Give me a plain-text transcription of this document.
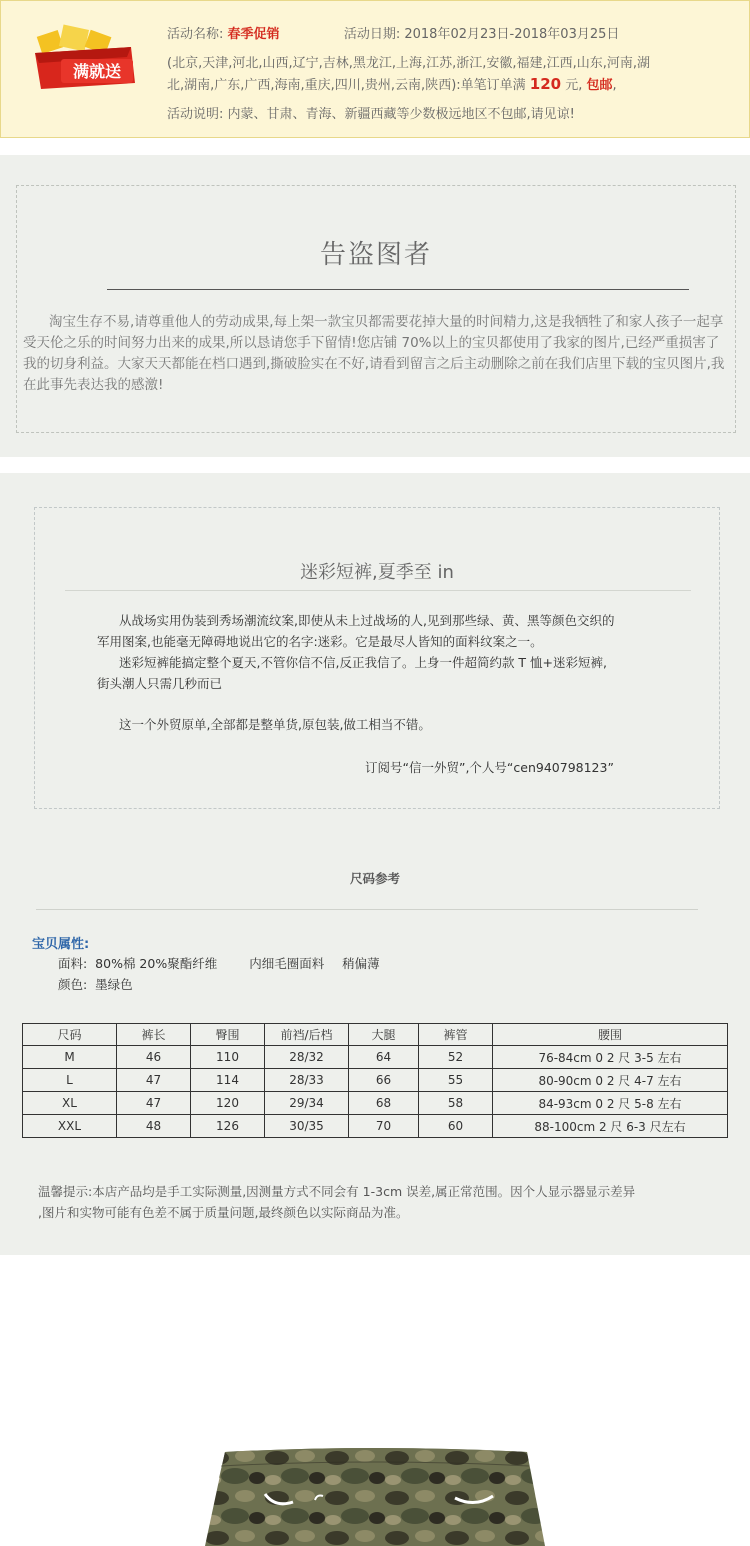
满就送
活动名称: 春季促销	活动日期: 2018年02月23日-2018年03月25日
(北京,天津,河北,山西,辽宁,吉林,黑龙江,上海,江苏,浙江,安徽,福建,江西,山东,河南,湖
北,湖南,广东,广西,海南,重庆,四川,贵州,云南,陕西):单笔订单满 120 元, 包邮,
活动说明: 内蒙、甘肃、青海、新疆西藏等少数极远地区不包邮,请见谅!
告盗图者
淘宝生存不易,请尊重他人的劳动成果,每上架一款宝贝都需要花掉大量的时间精力,这是我牺牲了和家人孩子一起享受天伦之乐的时间努力出来的成果,所以恳请您手下留情!您店铺 70%以上的宝贝都使用了我家的图片,已经严重损害了我的切身利益。大家天天都能在档口遇到,撕破脸实在不好,请看到留言之后主动删除之前在我们店里下载的宝贝图片,我在此事先表达我的感激!
迷彩短裤,夏季至 in
从战场实用伪装到秀场潮流纹案,即使从未上过战场的人,见到那些绿、黄、黑等颜色交织的
军用图案,也能毫无障碍地说出它的名字:迷彩。它是最尽人皆知的面料纹案之一。
迷彩短裤能搞定整个夏天,不管你信不信,反正我信了。上身一件超简约款 T 恤+迷彩短裤,
街头潮人只需几秒而已
这一个外贸原单,全部都是整单货,原包装,做工相当不错。
订阅号“信一外贸”,个人号“cen940798123”
尺码参考
宝贝属性:
面料: 80%棉 20%聚酯纤维	内细毛圈面料 稍偏薄
颜色: 墨绿色
尺码	裤长	臀围	前裆/后档	大腿	裤管	腰围
M	46	110	28/32	64	52	76-84cm 0 2 尺 3-5 左右
L	47	114	28/33	66	55	80-90cm 0 2 尺 4-7 左右
XL	47	120	29/34	68	58	84-93cm 0 2 尺 5-8 左右
XXL	48	126	30/35	70	60	88-100cm 2 尺 6-3 尺左右
温馨提示:本店产品均是手工实际测量,因测量方式不同会有 1-3cm 误差,属正常范围。因个人显示器显示差异
,图片和实物可能有色差不属于质量问题,最终颜色以实际商品为准。
